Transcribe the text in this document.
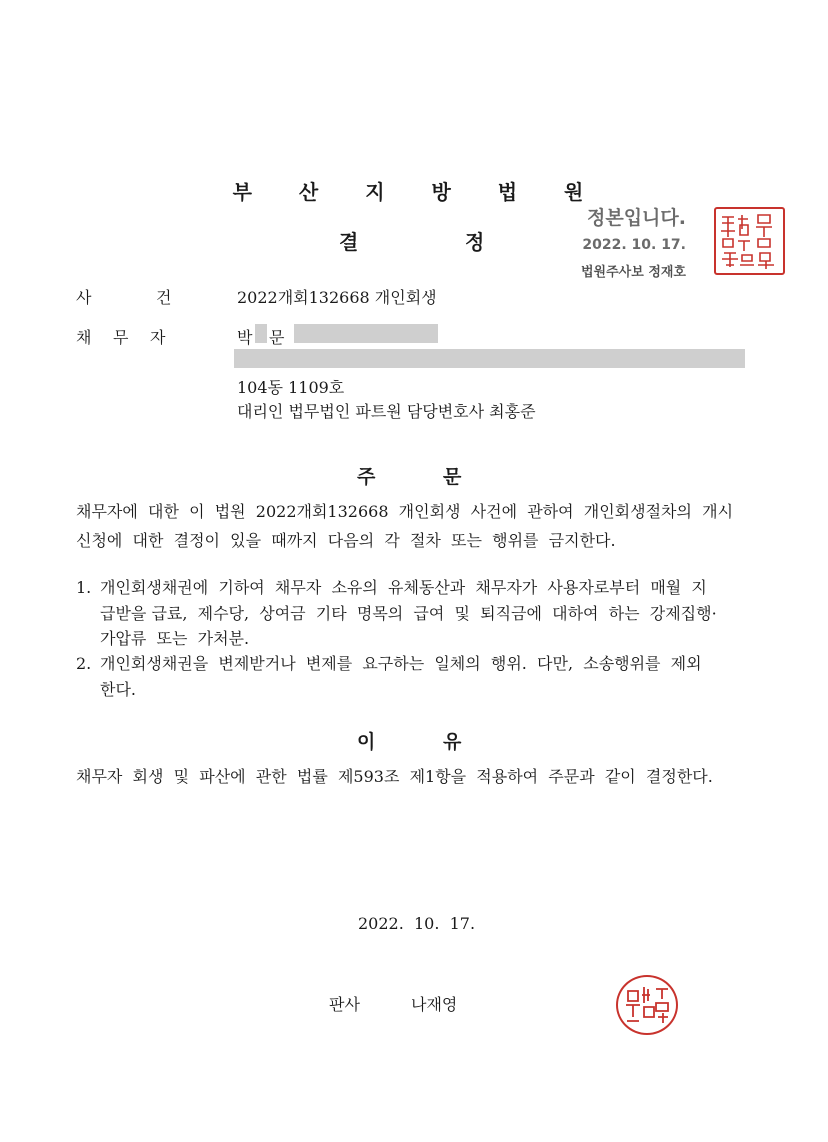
부 산 지 방 법 원
결	정
정본입니다.
2022. 10. 17.
법원주사보 정재호
사	건	2022개회132668 개인회생
채 무 자	박 문
104동 1109호
대리인 법무법인 파트원 담당변호사 최홍준
주	문
채무자에  대한  이  법원  2022개회132668  개인회생  사건에  관하여  개인회생절차의  개시
신청에  대한  결정이  있을  때까지  다음의  각  절차  또는  행위를  금지한다.
1. 개인회생채권에  기하여  채무자  소유의  유체동산과  채무자가  사용자로부터  매월  지
급받을 급료,  제수당,  상여금  기타  명목의  급여  및  퇴직금에  대하여  하는  강제집행·
가압류  또는  가처분.
2. 개인회생채권을  변제받거나  변제를  요구하는  일체의  행위.  다만,  소송행위를  제외
한다.
이	유
채무자  회생  및  파산에  관한  법률  제593조  제1항을  적용하여  주문과  같이  결정한다.
2022.  10.  17.
판사	나재영
